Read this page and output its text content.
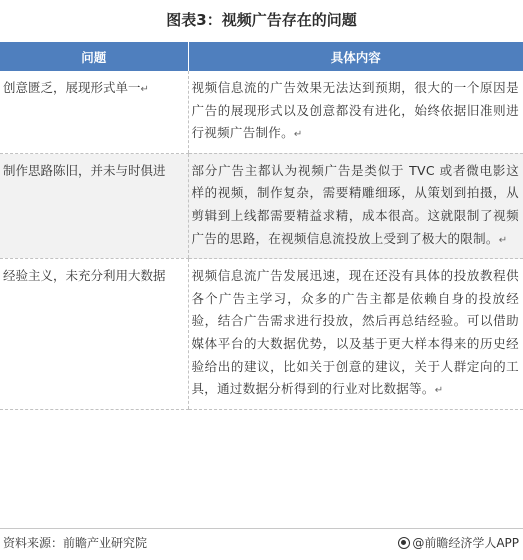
图表3：视频广告存在的问题
问题	具体内容
创意匮乏，展现形式单一↵	视频信息流的广告效果无法达到预期，很大的一个原因是广告的展现形式以及创意都没有进化，始终依据旧准则进行视频广告制作。↵
制作思路陈旧，并未与时俱进	部分广告主都认为视频广告是类似于 TVC 或者微电影这样的视频，制作复杂，需要精雕细琢，从策划到拍摄，从剪辑到上线都需要精益求精，成本很高。这就限制了视频广告的思路，在视频信息流投放上受到了极大的限制。↵
经验主义，未充分利用大数据	视频信息流广告发展迅速，现在还没有具体的投放教程供各个广告主学习，众多的广告主都是依赖自身的投放经验，结合广告需求进行投放，然后再总结经验。可以借助媒体平台的大数据优势，以及基于更大样本得来的历史经验给出的建议，比如关于创意的建议，关于人群定向的工具，通过数据分析得到的行业对比数据等。↵
资料来源：前瞻产业研究院	@前瞻经济学人APP
